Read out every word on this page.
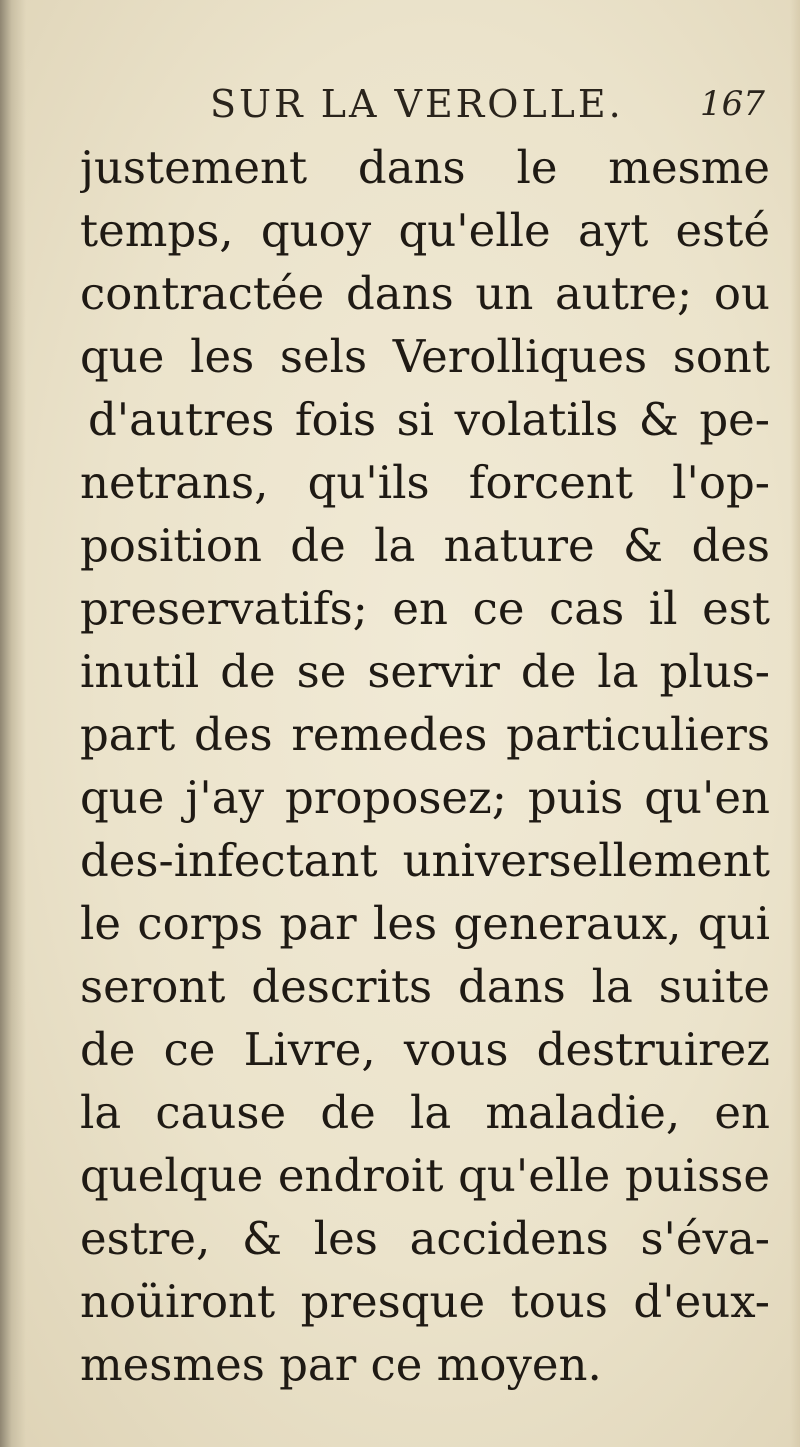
SUR LA VEROLLE. 167
justement dans le mesme
temps, quoy qu'elle ayt esté
contractée dans un autre; ou
que les sels Verolliques sont
d'autres fois si volatils & pe-
netrans, qu'ils forcent l'op-
position de la nature & des
preservatifs; en ce cas il est
inutil de se servir de la plus-
part des remedes particuliers
que j'ay proposez; puis qu'en
des-infectant universellement
le corps par les generaux, qui
seront descrits dans la suite
de ce Livre, vous destruirez
la cause de la maladie, en
quelque endroit qu'elle puisse
estre, & les accidens s'éva-
noüiront presque tous d'eux-
mesmes par ce moyen.
